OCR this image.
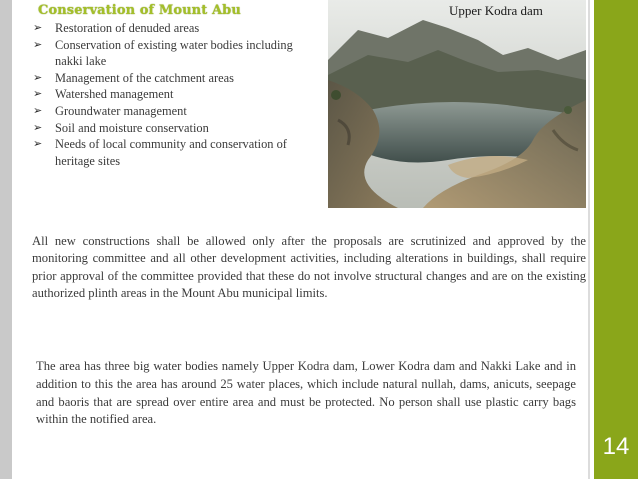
Conservation of Mount Abu
➢ Restoration of denuded areas
➢ Conservation of existing water bodies including nakki lake
➢ Management of the catchment areas
➢ Watershed management
➢ Groundwater management
➢ Soil and moisture conservation
➢ Needs of local community and conservation of heritage sites
Upper Kodra dam

All new constructions shall be allowed only after the proposals are scrutinized and approved by the monitoring committee and all other development activities, including alterations in buildings, shall require prior approval of the committee provided that these do not involve structural changes and are on the existing authorized plinth areas in the Mount Abu municipal limits.

The area has three big water bodies namely Upper Kodra dam, Lower Kodra dam and Nakki Lake and in addition to this the area has around 25 water places, which include natural nullah, dams, anicuts, seepage and baoris that are spread over entire area and must be protected. No person shall use plastic carry bags within the notified area.

14
